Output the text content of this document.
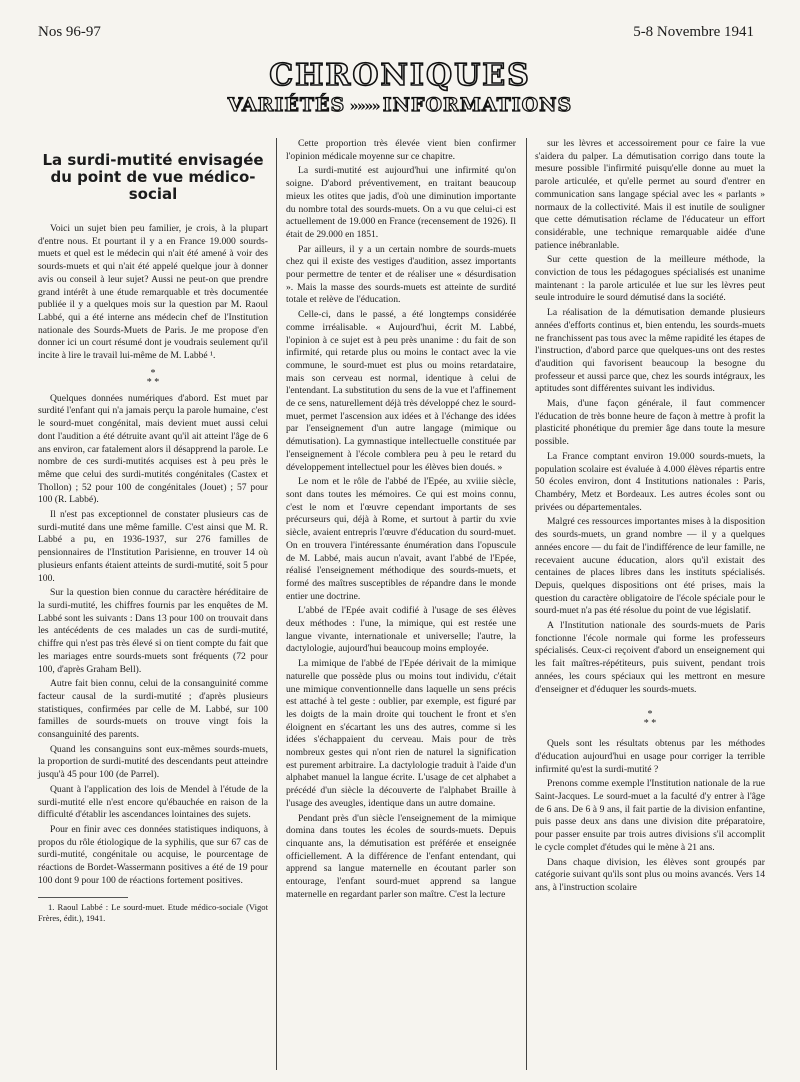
Nos 96-97	5-8 Novembre 1941
CHRONIQUES
VARIÉTÉS »»»» INFORMATIONS
La surdi-mutité envisagée du point de vue médico-social

Voici un sujet bien peu familier, je crois, à la plupart d'entre nous. Et pourtant il y a en France 19.000 sourds-muets et quel est le médecin qui n'ait été amené à voir des sourds-muets et qui n'ait été appelé quelque jour à donner avis ou conseil à leur sujet? Aussi ne peut-on que prendre grand intérêt à une étude remarquable et très documentée publiée il y a quelques mois sur la question par M. Raoul Labbé, qui a été interne ans médecin chef de l'Institution nationale des Sourds-Muets de Paris. Je me propose d'en donner ici un court résumé dont je voudrais seulement qu'il incite à lire le travail lui-même de M. Labbé ¹.

*
* *

Quelques données numériques d'abord. Est muet par surdité l'enfant qui n'a jamais perçu la parole humaine, c'est le sourd-muet congénital, mais devient muet aussi celui dont l'audition a été détruite avant qu'il ait atteint l'âge de 6 ans environ, car fatalement alors il désapprend la parole. Le nombre de ces surdi-mutités acquises est à peu près le même que celui des surdi-mutités congénitales (Castex et Thollon) ; 52 pour 100 de congénitales (Jouet) ; 57 pour 100 (R. Labbé).

Il n'est pas exceptionnel de constater plusieurs cas de surdi-mutité dans une même famille. C'est ainsi que M. R. Labbé a pu, en 1936-1937, sur 276 familles de pensionnaires de l'Institution Parisienne, en trouver 14 où plusieurs enfants étaient atteints de surdi-mutité, soit 5 pour 100.

Sur la question bien connue du caractère héréditaire de la surdi-mutité, les chiffres fournis par les enquêtes de M. Labbé sont les suivants : Dans 13 pour 100 on trouvait dans les antécédents de ces malades un cas de surdi-mutité, chiffre qui n'est pas très élevé si on tient compte du fait que les mariages entre sourds-muets sont fréquents (72 pour 100, d'après Graham Bell).

Autre fait bien connu, celui de la consanguinité comme facteur causal de la surdi-mutité ; d'après plusieurs statistiques, confirmées par celle de M. Labbé, sur 100 familles de sourds-muets on trouve vingt fois la consanguinité des parents.

Quand les consanguins sont eux-mêmes sourds-muets, la proportion de surdi-mutité des descendants peut atteindre jusqu'à 45 pour 100 (de Parrel).

Quant à l'application des lois de Mendel à l'étude de la surdi-mutité elle n'est encore qu'ébauchée en raison de la difficulté d'établir les ascendances lointaines des sujets.

Pour en finir avec ces données statistiques indiquons, à propos du rôle étiologique de la syphilis, que sur 67 cas de surdi-mutité, congénitale ou acquise, le pourcentage de réactions de Bordet-Wassermann positives a été de 19 pour 100 dont 9 pour 100 de réactions fortement positives.

1. Raoul Labbé : Le sourd-muet. Etude médico-sociale (Vigot Frères, édit.), 1941.

Cette proportion très élevée vient bien confirmer l'opinion médicale moyenne sur ce chapitre.

La surdi-mutité est aujourd'hui une infirmité qu'on soigne. D'abord préventivement, en traitant beaucoup mieux les otites que jadis, d'où une diminution importante du nombre total des sourds-muets. On a vu que celui-ci est actuellement de 19.000 en France (recensement de 1926). Il était de 29.000 en 1851.

Par ailleurs, il y a un certain nombre de sourds-muets chez qui il existe des vestiges d'audition, assez importants pour permettre de tenter et de réaliser une « désurdisation ». Mais la masse des sourds-muets est atteinte de surdité totale et relève de l'éducation.

Celle-ci, dans le passé, a été longtemps considérée comme irréalisable. « Aujourd'hui, écrit M. Labbé, l'opinion à ce sujet est à peu près unanime : du fait de son infirmité, qui retarde plus ou moins le contact avec la vie commune, le sourd-muet est plus ou moins retardataire, mais son cerveau est normal, identique à celui de l'entendant. La substitution du sens de la vue et l'affinement de ce sens, naturellement déjà très développé chez le sourd-muet, permet l'ascension aux idées et à l'échange des idées par l'enseignement d'un autre langage (mimique ou démutisation). La gymnastique intellectuelle constituée par l'enseignement à l'école comblera peu à peu le retard du développement intellectuel pour les élèves bien doués. »

Le nom et le rôle de l'abbé de l'Epée, au xviiie siècle, sont dans toutes les mémoires. Ce qui est moins connu, c'est le nom et l'œuvre cependant importants de ses précurseurs qui, déjà à Rome, et surtout à partir du xvie siècle, avaient entrepris l'œuvre d'éducation du sourd-muet. On en trouvera l'intéressante énumération dans l'opuscule de M. Labbé, mais aucun n'avait, avant l'abbé de l'Epée, réalisé l'enseignement méthodique des sourds-muets, et formé des maîtres susceptibles de répandre dans le monde entier une doctrine.

L'abbé de l'Epée avait codifié à l'usage de ses élèves deux méthodes : l'une, la mimique, qui est restée une langue vivante, internationale et universelle; l'autre, la dactylologie, aujourd'hui beaucoup moins employée.

La mimique de l'abbé de l'Epée dérivait de la mimique naturelle que possède plus ou moins tout individu, c'était une mimique conventionnelle dans laquelle un sens précis est attaché à tel geste : oublier, par exemple, est figuré par les doigts de la main droite qui touchent le front et s'en éloignent en s'écartant les uns des autres, comme si les idées s'échappaient du cerveau. Mais pour de très nombreux gestes qui n'ont rien de naturel la signification est purement arbitraire. La dactylologie traduit à l'aide d'un alphabet manuel la langue écrite. L'usage de cet alphabet a précédé d'un siècle la découverte de l'alphabet Braille à l'usage des aveugles, identique dans un autre domaine.

Pendant près d'un siècle l'enseignement de la mimique domina dans toutes les écoles de sourds-muets. Depuis cinquante ans, la démutisation est préférée et enseignée officiellement. A la différence de l'enfant entendant, qui apprend sa langue maternelle en écoutant parler son entourage, l'enfant sourd-muet apprend sa langue maternelle en regardant parler son maître. C'est la lecture

sur les lèvres et accessoirement pour ce faire la vue s'aidera du palper. La démutisation corrigo dans toute la mesure possible l'infirmité puisqu'elle donne au muet la parole articulée, et qu'elle permet au sourd d'entrer en communication sans langage spécial avec les « parlants » normaux de la collectivité. Mais il est inutile de souligner que cette démutisation réclame de l'éducateur un effort considérable, une technique remarquable aidée d'une patience inébranlable.

Sur cette question de la meilleure méthode, la conviction de tous les pédagogues spécialisés est unanime maintenant : la parole articulée et lue sur les lèvres peut seule introduire le sourd démutisé dans la société.

La réalisation de la démutisation demande plusieurs années d'efforts continus et, bien entendu, les sourds-muets ne franchissent pas tous avec la même rapidité les étapes de l'instruction, d'abord parce que quelques-uns ont des restes d'audition qui favorisent beaucoup la besogne du professeur et aussi parce que, chez les sourds intégraux, les aptitudes sont différentes suivant les individus.

Mais, d'une façon générale, il faut commencer l'éducation de très bonne heure de façon à mettre à profit la plasticité phonétique du premier âge dans toute la mesure possible.

La France comptant environ 19.000 sourds-muets, la population scolaire est évaluée à 4.000 élèves répartis entre 50 écoles environ, dont 4 Institutions nationales : Paris, Chambéry, Metz et Bordeaux. Les autres écoles sont ou privées ou départementales.

Malgré ces ressources importantes mises à la disposition des sourds-muets, un grand nombre — il y a quelques années encore — du fait de l'indifférence de leur famille, ne recevaient aucune éducation, alors qu'il existait des centaines de places libres dans les instituts spécialisés. Depuis, quelques dispositions ont été prises, mais la question du caractère obligatoire de l'école spéciale pour le sourd-muet n'a pas été résolue du point de vue législatif.

A l'Institution nationale des sourds-muets de Paris fonctionne l'école normale qui forme les professeurs spécialisés. Ceux-ci reçoivent d'abord un enseignement qui les fait maîtres-répétiteurs, puis suivent, pendant trois années, les cours spéciaux qui les mettront en mesure d'enseigner et d'éduquer les sourds-muets.

*
* *

Quels sont les résultats obtenus par les méthodes d'éducation aujourd'hui en usage pour corriger la terrible infirmité qu'est la surdi-mutité ?

Prenons comme exemple l'Institution nationale de la rue Saint-Jacques. Le sourd-muet a la faculté d'y entrer à l'âge de 6 ans. De 6 à 9 ans, il fait partie de la division enfantine, puis passe deux ans dans une division dite préparatoire, pour passer ensuite par trois autres divisions s'il accomplit le cycle complet d'études qui le mène à 21 ans.

Dans chaque division, les élèves sont groupés par catégorie suivant qu'ils sont plus ou moins avancés. Vers 14 ans, à l'instruction scolaire
